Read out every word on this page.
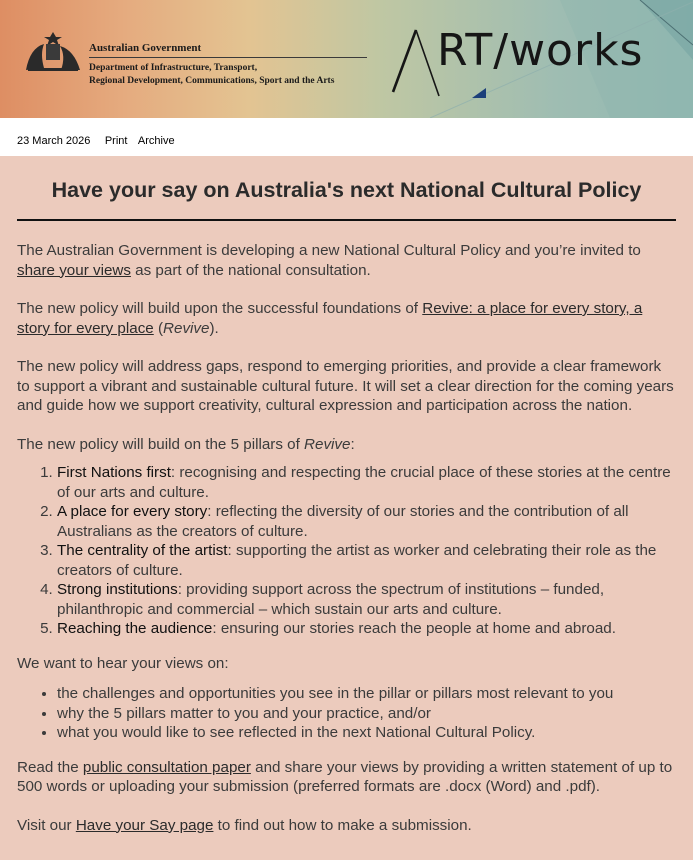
Australian Government
Department of Infrastructure, Transport,
Regional Development, Communications, Sport and the Arts
RT/works
$_{23 March 2026}$ $_{Print}$ $_{Archive}$
Have your say on Australia's next National Cultural Policy

The Australian Government is developing a new National Cultural Policy and you’re invited to share your views as part of the national consultation.

The new policy will build upon the successful foundations of Revive: a place for every story, a story for every place (Revive).

The new policy will address gaps, respond to emerging priorities, and provide a clear framework to support a vibrant and sustainable cultural future. It will set a clear direction for the coming years and guide how we support creativity, cultural expression and participation across the nation.

The new policy will build on the 5 pillars of Revive:

1. First Nations first: recognising and respecting the crucial place of these stories at the centre of our arts and culture.
2. A place for every story: reflecting the diversity of our stories and the contribution of all Australians as the creators of culture.
3. The centrality of the artist: supporting the artist as worker and celebrating their role as the creators of culture.
4. Strong institutions: providing support across the spectrum of institutions – funded, philanthropic and commercial – which sustain our arts and culture.
5. Reaching the audience: ensuring our stories reach the people at home and abroad.

We want to hear your views on:

• the challenges and opportunities you see in the pillar or pillars most relevant to you
• why the 5 pillars matter to you and your practice, and/or
• what you would like to see reflected in the next National Cultural Policy.

Read the public consultation paper and share your views by providing a written statement of up to 500 words or uploading your submission (preferred formats are .docx (Word) and .pdf).

Visit our Have your Say page to find out how to make a submission.
